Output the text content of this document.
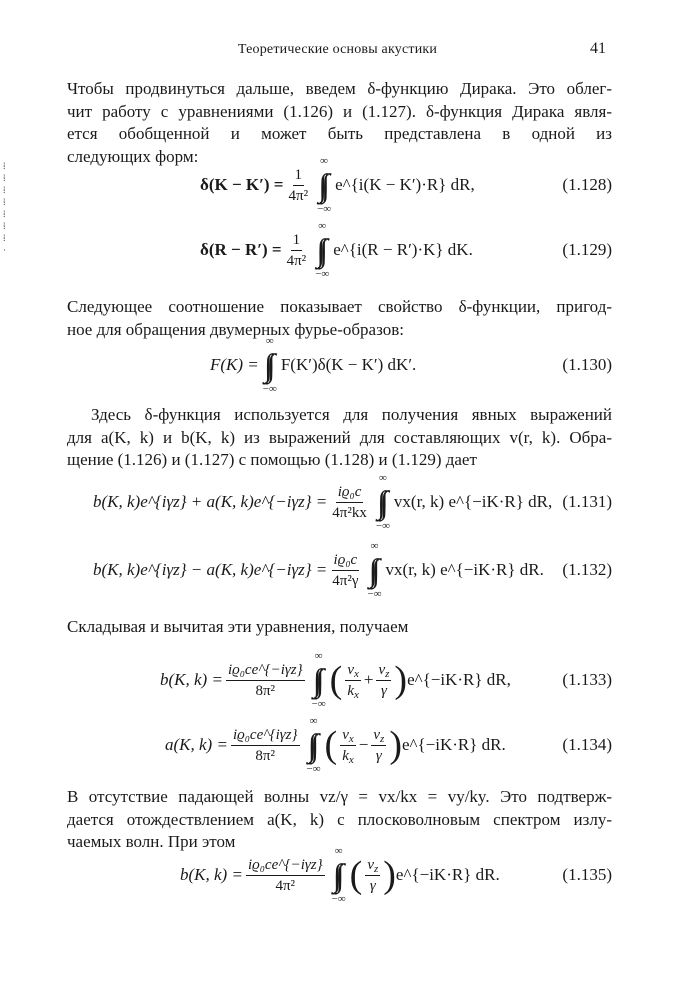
Теоретические основы акустики	41
⁞
⁞
⁞
⁞
⁞
⁞
⁞
·
Чтобы продвинуться дальше, введем δ-функцию Дирака. Это облег-
чит работу с уравнениями (1.126) и (1.127). δ-функция Дирака явля-
ется обобщенной и может быть представлена в одной из
следующих форм:
$\delta(K - K') = \frac{1}{\text{4π²}}$
∞
∫∫
−∞
e^{i(K − K′)·R} dR,	(1.128)
$\delta(R - R') = \frac{1}{\text{4π²}}$
∞
∫∫
−∞
e^{i(R − R′)·K} dK.	(1.129)
Следующее соотношение показывает свойство δ-функции, пригод-
ное для обращения двумерных фурье-образов:
F(K) =
∞
∫∫
−∞
F(K′)δ(K − K′) dK′.	(1.130)
Здесь δ-функция используется для получения явных выражений
для a(K, k) и b(K, k) из выражений для составляющих v(r, k). Обра-
щение (1.126) и (1.127) с помощью (1.128) и (1.129) дает
b(K, k)e^{iγz} + a(K, k)e^{−iγz} = $\frac{\text{iϱ₀c}}{\text{4π²kx}}$
∞
∫∫
−∞
vx(r, k) e^{−iK·R} dR, (1.131)
b(K, k)e^{iγz} − a(K, k)e^{−iγz} = $\frac{\text{iϱ₀c}}{\text{4π²γ}}$
∞
∫∫
−∞
vx(r, k) e^{−iK·R} dR. (1.132)
Складывая и вычитая эти уравнения, получаем
b(K, $k) = \frac{\text{iϱ₀ce\textasciicircum{}\{−iγz\}}}{\text{8π²}}$
∞
∫∫
−∞
( $\frac{v_x}{k_x} + \frac{v_z}{\gamma}$ ) e^{−iK·R} dR,	(1.133)
a(K, $k) = \frac{\text{iϱ₀ce\textasciicircum{}\{iγz\}}}{\text{8π²}}$
∞
∫∫
−∞
( $\frac{v_x}{k_x} - \frac{v_z}{\gamma}$ ) e^{−iK·R} dR.	(1.134)
В отсутствие падающей волны vz/γ = vx/kx = vy/ky. Это подтверж-
дается отождествлением a(K, k) с плосковолновым спектром излу-
чаемых волн. При этом
b(K, $k) = \frac{\text{iϱ₀ce\textasciicircum{}\{−iγz\}}}{\text{4π²}}$
∞
∫∫
−∞
( $\frac{v_z}{\gamma}$ ) e^{−iK·R} dR.	(1.135)
